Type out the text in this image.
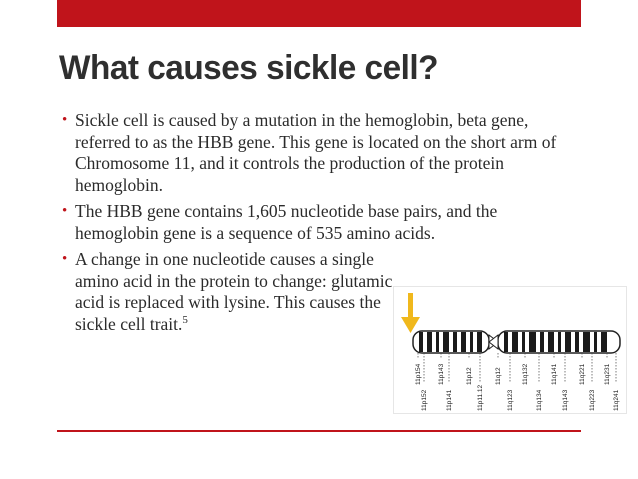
What causes sickle cell?
• Sickle cell is caused by a mutation in the hemoglobin, beta gene, referred to as the HBB gene. This gene is located on the short arm of Chromosome 11, and it controls the production of the protein hemoglobin.
• The HBB gene contains 1,605 nucleotide base pairs, and the hemoglobin gene is a sequence of 535 amino acids.
• A change in one nucleotide causes a single amino acid in the protein to change: glutamic acid is replaced with lysine. This causes the sickle cell trait.$^5$
11p154 11p143	11p12	11q12	11q132	11q141	11q221	11q231
11p152	11p141	11p11.12	11q123	11q134	11q143	11q223	11q241
